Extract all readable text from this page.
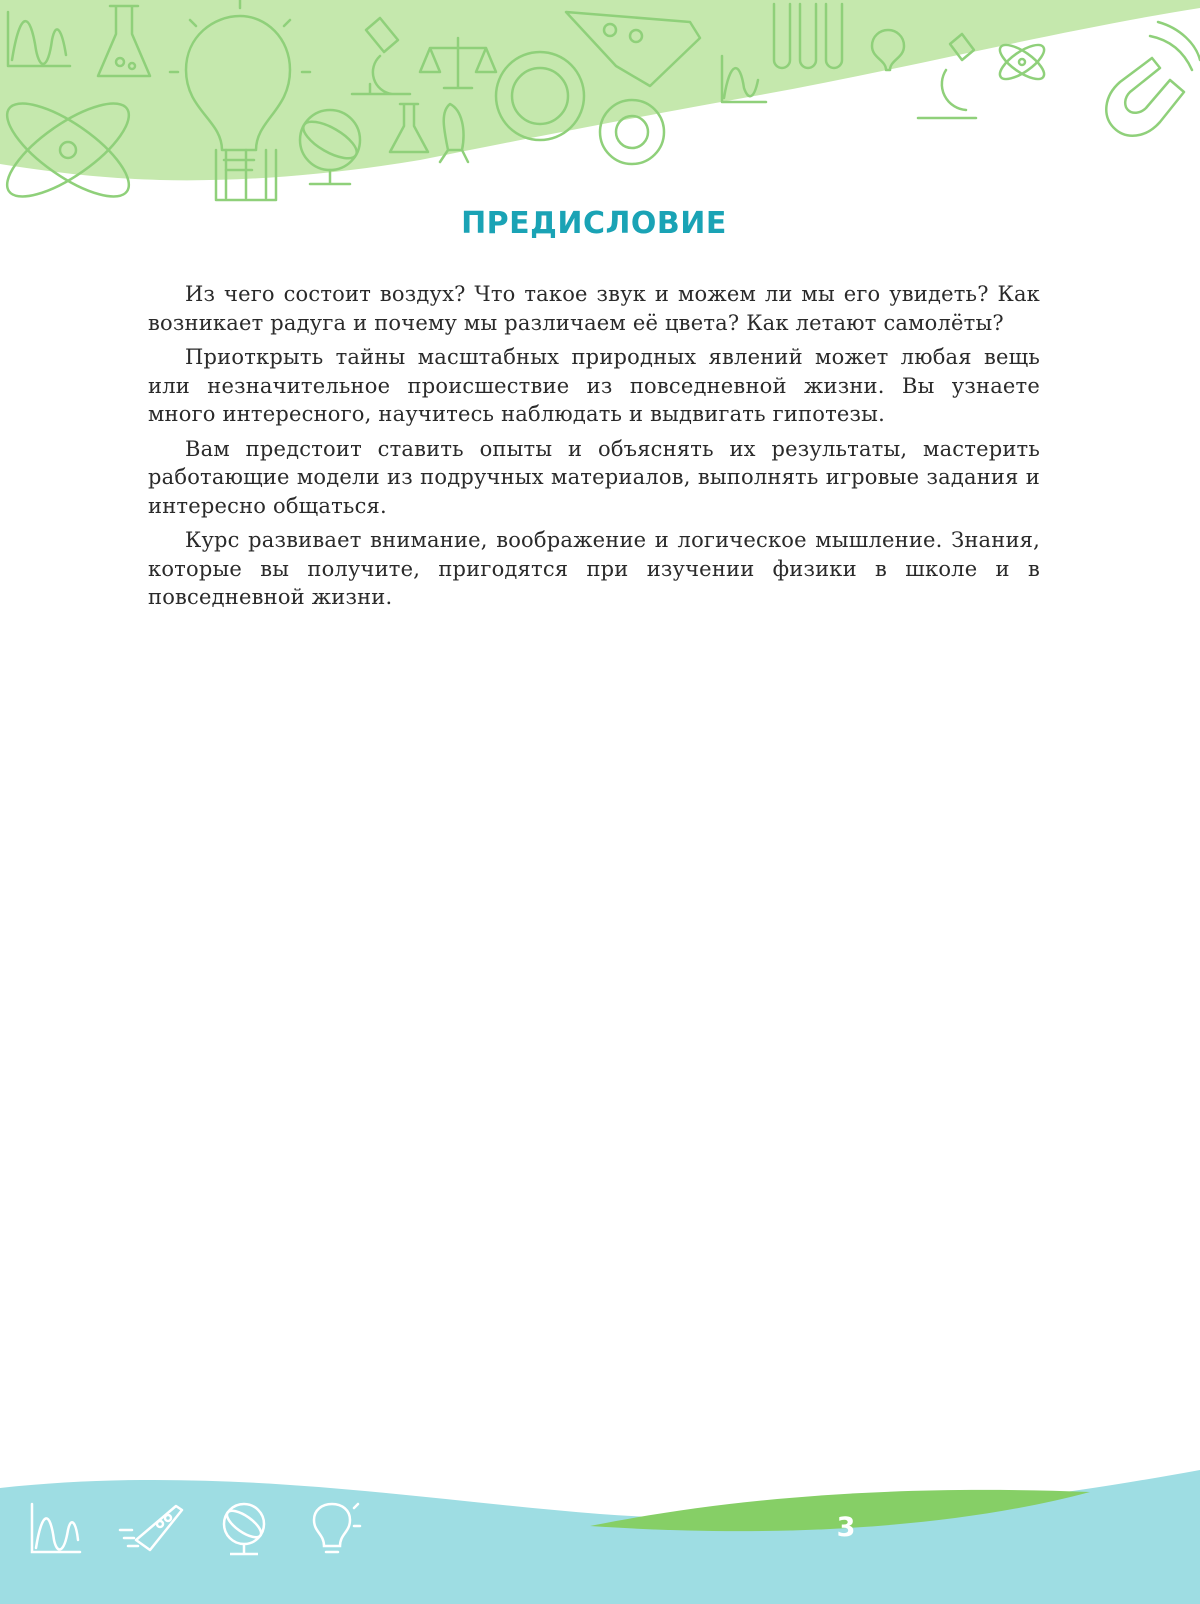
ПРЕДИСЛОВИЕ

Из чего состоит воздух? Что такое звук и можем ли мы его увидеть? Как возникает радуга и почему мы различаем её цвета? Как летают самолёты?

Приоткрыть тайны масштабных природных явлений может любая вещь или незначительное происшествие из повседневной жизни. Вы узнаете много интересного, научитесь наблюдать и выдвигать гипотезы.

Вам предстоит ставить опыты и объяснять их результаты, мастерить работающие модели из подручных материалов, выполнять игровые задания и интересно общаться.

Курс развивает внимание, воображение и логическое мышление. Знания, которые вы получите, пригодятся при изучении физики в школе и в повседневной жизни.

3
